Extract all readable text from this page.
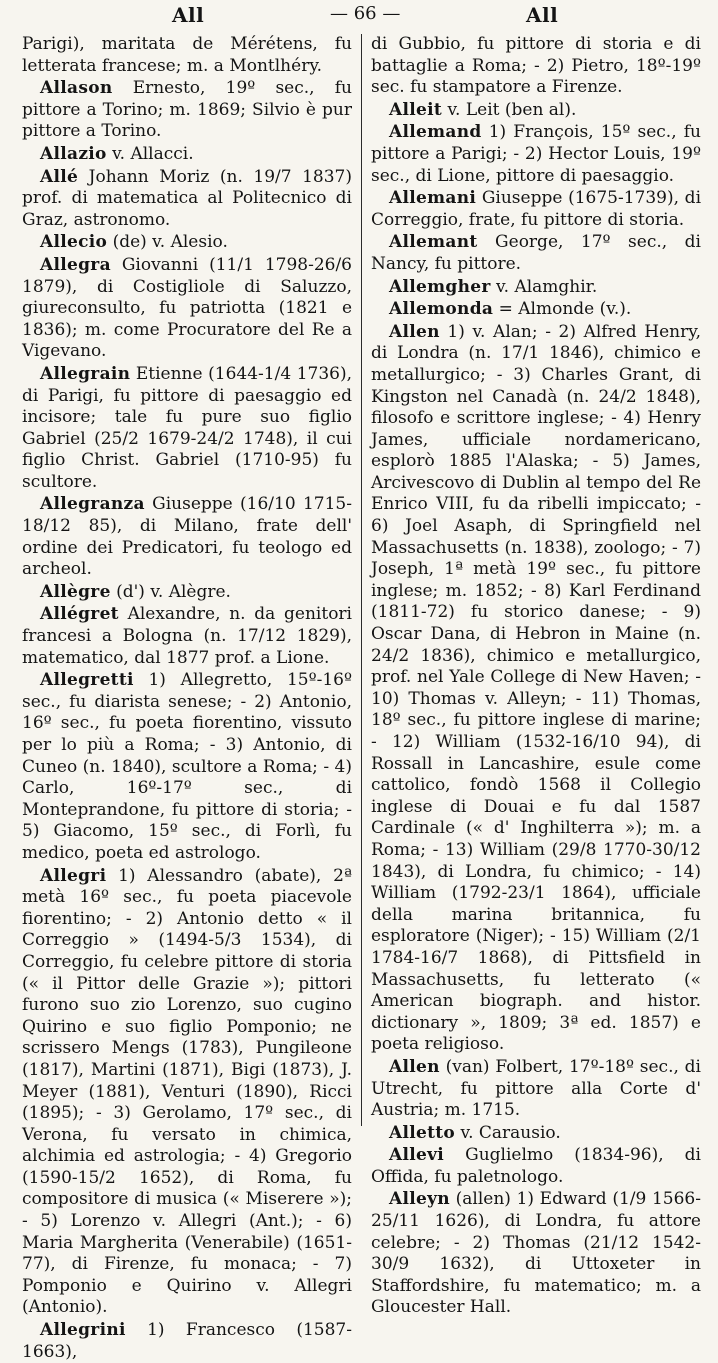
All	— 66 —	All

Parigi), maritata de Mérétens, fu letterata francese; m. a Montlhéry.

Allason Ernesto, 19º sec., fu pittore a Torino; m. 1869; Silvio è pur pittore a Torino.

Allazio v. Allacci.

Allé Johann Moriz (n. 19/7 1837) prof. di matematica al Politecnico di Graz, astronomo.

Allecio (de) v. Alesio.

Allegra Giovanni (11/1 1798-26/6 1879), di Costigliole di Saluzzo, giureconsulto, fu patriotta (1821 e 1836); m. come Procuratore del Re a Vigevano.

Allegrain Etienne (1644-1/4 1736), di Parigi, fu pittore di paesaggio ed incisore; tale fu pure suo figlio Gabriel (25/2 1679-24/2 1748), il cui figlio Christ. Gabriel (1710-95) fu scultore.

Allegranza Giuseppe (16/10 1715-18/12 85), di Milano, frate dell' ordine dei Predicatori, fu teologo ed archeol.

Allègre (d') v. Alègre.

Allégret Alexandre, n. da genitori francesi a Bologna (n. 17/12 1829), matematico, dal 1877 prof. a Lione.

Allegretti 1) Allegretto, 15º-16º sec., fu diarista senese; - 2) Antonio, 16º sec., fu poeta fiorentino, vissuto per lo più a Roma; - 3) Antonio, di Cuneo (n. 1840), scultore a Roma; - 4) Carlo, 16º-17º sec., di Monteprandone, fu pittore di storia; - 5) Giacomo, 15º sec., di Forlì, fu medico, poeta ed astrologo.

Allegri 1) Alessandro (abate), 2ª metà 16º sec., fu poeta piacevole fiorentino; - 2) Antonio detto « il Correggio » (1494-5/3 1534), di Correggio, fu celebre pittore di storia (« il Pittor delle Grazie »); pittori furono suo zio Lorenzo, suo cugino Quirino e suo figlio Pomponio; ne scrissero Mengs (1783), Pungileone (1817), Martini (1871), Bigi (1873), J. Meyer (1881), Venturi (1890), Ricci (1895); - 3) Gerolamo, 17º sec., di Verona, fu versato in chimica, alchimia ed astrologia; - 4) Gregorio (1590-15/2 1652), di Roma, fu compositore di musica (« Miserere »); - 5) Lorenzo v. Allegri (Ant.); - 6) Maria Margherita (Venerabile) (1651-77), di Firenze, fu monaca; - 7) Pomponio e Quirino v. Allegri (Antonio).

Allegrini 1) Francesco (1587-1663),

di Gubbio, fu pittore di storia e di battaglie a Roma; - 2) Pietro, 18º-19º sec. fu stampatore a Firenze.

Alleit v. Leit (ben al).

Allemand 1) François, 15º sec., fu pittore a Parigi; - 2) Hector Louis, 19º sec., di Lione, pittore di paesaggio.

Allemani Giuseppe (1675-1739), di Correggio, frate, fu pittore di storia.

Allemant George, 17º sec., di Nancy, fu pittore.

Allemgher v. Alamghir.

Allemonda = Almonde (v.).

Allen 1) v. Alan; - 2) Alfred Henry, di Londra (n. 17/1 1846), chimico e metallurgico; - 3) Charles Grant, di Kingston nel Canadà (n. 24/2 1848), filosofo e scrittore inglese; - 4) Henry James, ufficiale nordamericano, esplorò 1885 l'Alaska; - 5) James, Arcivescovo di Dublin al tempo del Re Enrico VIII, fu da ribelli impiccato; - 6) Joel Asaph, di Springfield nel Massachusetts (n. 1838), zoologo; - 7) Joseph, 1ª metà 19º sec., fu pittore inglese; m. 1852; - 8) Karl Ferdinand (1811-72) fu storico danese; - 9) Oscar Dana, di Hebron in Maine (n. 24/2 1836), chimico e metallurgico, prof. nel Yale College di New Haven; - 10) Thomas v. Alleyn; - 11) Thomas, 18º sec., fu pittore inglese di marine; - 12) William (1532-16/10 94), di Rossall in Lancashire, esule come cattolico, fondò 1568 il Collegio inglese di Douai e fu dal 1587 Cardinale (« d' Inghilterra »); m. a Roma; - 13) William (29/8 1770-30/12 1843), di Londra, fu chimico; - 14) William (1792-23/1 1864), ufficiale della marina britannica, fu esploratore (Niger); - 15) William (2/1 1784-16/7 1868), di Pittsfield in Massachusetts, fu letterato (« American biograph. and histor. dictionary », 1809; 3ª ed. 1857) e poeta religioso.

Allen (van) Folbert, 17º-18º sec., di Utrecht, fu pittore alla Corte d' Austria; m. 1715.

Alletto v. Carausio.

Allevi Guglielmo (1834-96), di Offida, fu paletnologo.

Alleyn (allen) 1) Edward (1/9 1566-25/11 1626), di Londra, fu attore celebre; - 2) Thomas (21/12 1542-30/9 1632), di Uttoxeter in Staffordshire, fu matematico; m. a Gloucester Hall.
